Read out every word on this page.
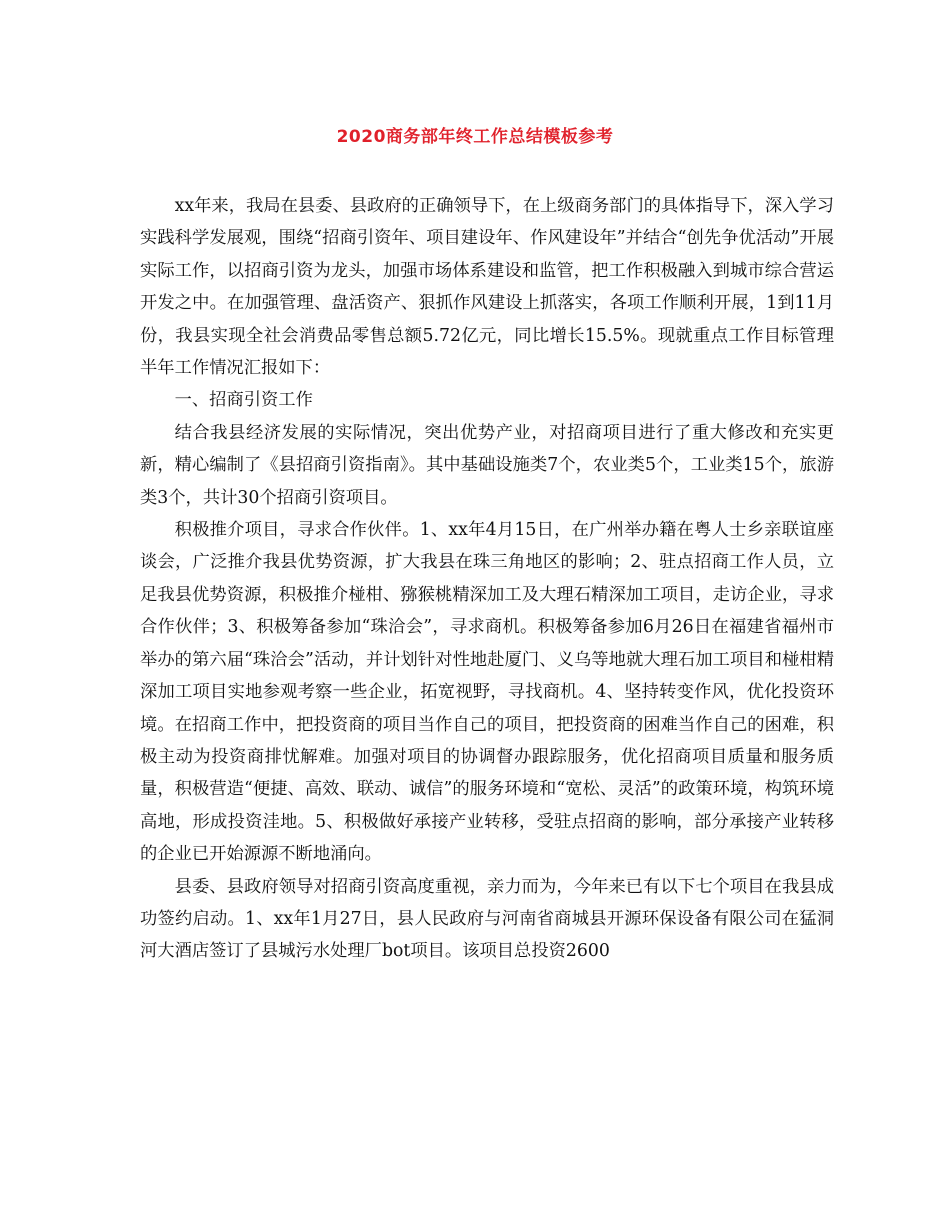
2020商务部年终工作总结模板参考

xx年来，我局在县委、县政府的正确领导下，在上级商务部门的具体指导下，深入学习实践科学发展观，围绕“招商引资年、项目建设年、作风建设年”并结合“创先争优活动”开展实际工作，以招商引资为龙头，加强市场体系建设和监管，把工作积极融入到城市综合营运开发之中。在加强管理、盘活资产、狠抓作风建设上抓落实，各项工作顺利开展，1到11月份，我县实现全社会消费品零售总额5.72亿元，同比增长15.5%。现就重点工作目标管理半年工作情况汇报如下：

一、招商引资工作

结合我县经济发展的实际情况，突出优势产业，对招商项目进行了重大修改和充实更新，精心编制了《县招商引资指南》。其中基础设施类7个，农业类5个，工业类15个，旅游类3个，共计30个招商引资项目。

积极推介项目，寻求合作伙伴。1、xx年4月15日，在广州举办籍在粤人士乡亲联谊座谈会，广泛推介我县优势资源，扩大我县在珠三角地区的影响；2、驻点招商工作人员，立足我县优势资源，积极推介椪柑、猕猴桃精深加工及大理石精深加工项目，走访企业，寻求合作伙伴；3、积极筹备参加“珠洽会”，寻求商机。积极筹备参加6月26日在福建省福州市举办的第六届“珠洽会”活动，并计划针对性地赴厦门、义乌等地就大理石加工项目和椪柑精深加工项目实地参观考察一些企业，拓宽视野，寻找商机。4、坚持转变作风，优化投资环境。在招商工作中，把投资商的项目当作自己的项目，把投资商的困难当作自己的困难，积极主动为投资商排忧解难。加强对项目的协调督办跟踪服务，优化招商项目质量和服务质量，积极营造“便捷、高效、联动、诚信”的服务环境和“宽松、灵活”的政策环境，构筑环境高地，形成投资洼地。5、积极做好承接产业转移，受驻点招商的影响，部分承接产业转移的企业已开始源源不断地涌向。

县委、县政府领导对招商引资高度重视，亲力而为，今年来已有以下七个项目在我县成功签约启动。1、xx年1月27日，县人民政府与河南省商城县开源环保设备有限公司在猛洞河大酒店签订了县城污水处理厂bot项目。该项目总投资2600
